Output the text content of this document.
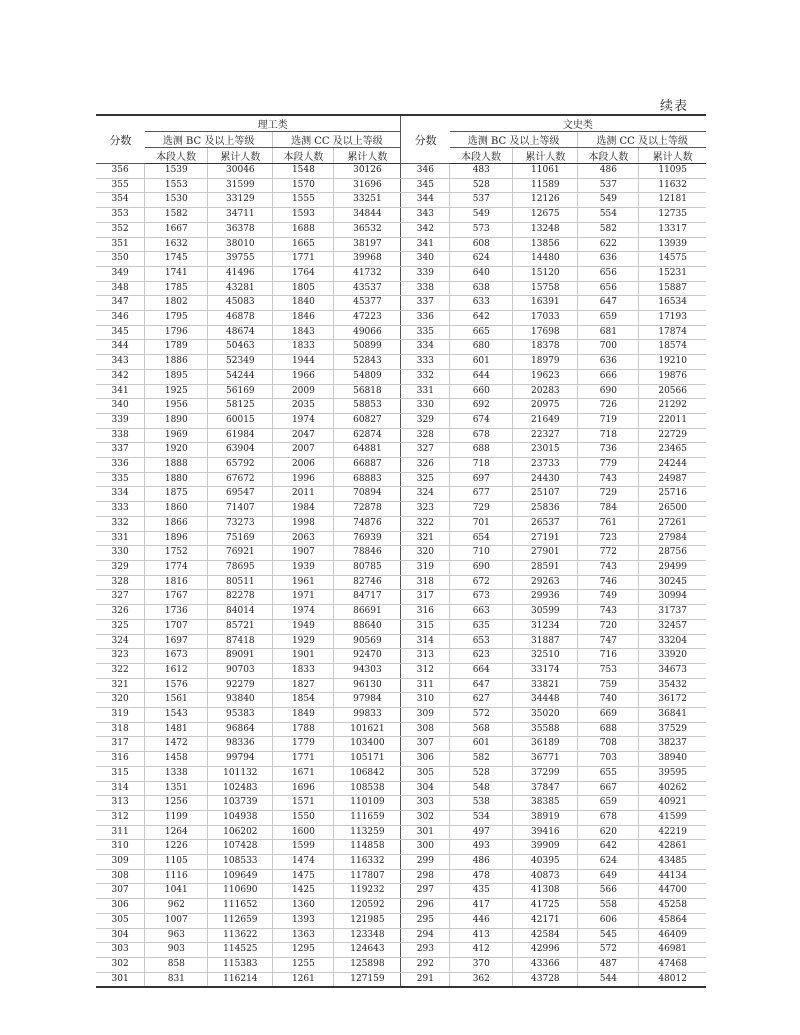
续表
分数	理工类				分数	文史类			
	选测 BC 及以上等级		选测 CC 及以上等级			选测 BC 及以上等级		选测 CC 及以上等级	
	本段人数	累计人数	本段人数	累计人数		本段人数	累计人数	本段人数	累计人数
356	1539	30046	1548	30126	346	483	11061	486	11095
355	1553	31599	1570	31696	345	528	11589	537	11632
354	1530	33129	1555	33251	344	537	12126	549	12181
353	1582	34711	1593	34844	343	549	12675	554	12735
352	1667	36378	1688	36532	342	573	13248	582	13317
351	1632	38010	1665	38197	341	608	13856	622	13939
350	1745	39755	1771	39968	340	624	14480	636	14575
349	1741	41496	1764	41732	339	640	15120	656	15231
348	1785	43281	1805	43537	338	638	15758	656	15887
347	1802	45083	1840	45377	337	633	16391	647	16534
346	1795	46878	1846	47223	336	642	17033	659	17193
345	1796	48674	1843	49066	335	665	17698	681	17874
344	1789	50463	1833	50899	334	680	18378	700	18574
343	1886	52349	1944	52843	333	601	18979	636	19210
342	1895	54244	1966	54809	332	644	19623	666	19876
341	1925	56169	2009	56818	331	660	20283	690	20566
340	1956	58125	2035	58853	330	692	20975	726	21292
339	1890	60015	1974	60827	329	674	21649	719	22011
338	1969	61984	2047	62874	328	678	22327	718	22729
337	1920	63904	2007	64881	327	688	23015	736	23465
336	1888	65792	2006	66887	326	718	23733	779	24244
335	1880	67672	1996	68883	325	697	24430	743	24987
334	1875	69547	2011	70894	324	677	25107	729	25716
333	1860	71407	1984	72878	323	729	25836	784	26500
332	1866	73273	1998	74876	322	701	26537	761	27261
331	1896	75169	2063	76939	321	654	27191	723	27984
330	1752	76921	1907	78846	320	710	27901	772	28756
329	1774	78695	1939	80785	319	690	28591	743	29499
328	1816	80511	1961	82746	318	672	29263	746	30245
327	1767	82278	1971	84717	317	673	29936	749	30994
326	1736	84014	1974	86691	316	663	30599	743	31737
325	1707	85721	1949	88640	315	635	31234	720	32457
324	1697	87418	1929	90569	314	653	31887	747	33204
323	1673	89091	1901	92470	313	623	32510	716	33920
322	1612	90703	1833	94303	312	664	33174	753	34673
321	1576	92279	1827	96130	311	647	33821	759	35432
320	1561	93840	1854	97984	310	627	34448	740	36172
319	1543	95383	1849	99833	309	572	35020	669	36841
318	1481	96864	1788	101621	308	568	35588	688	37529
317	1472	98336	1779	103400	307	601	36189	708	38237
316	1458	99794	1771	105171	306	582	36771	703	38940
315	1338	101132	1671	106842	305	528	37299	655	39595
314	1351	102483	1696	108538	304	548	37847	667	40262
313	1256	103739	1571	110109	303	538	38385	659	40921
312	1199	104938	1550	111659	302	534	38919	678	41599
311	1264	106202	1600	113259	301	497	39416	620	42219
310	1226	107428	1599	114858	300	493	39909	642	42861
309	1105	108533	1474	116332	299	486	40395	624	43485
308	1116	109649	1475	117807	298	478	40873	649	44134
307	1041	110690	1425	119232	297	435	41308	566	44700
306	962	111652	1360	120592	296	417	41725	558	45258
305	1007	112659	1393	121985	295	446	42171	606	45864
304	963	113622	1363	123348	294	413	42584	545	46409
303	903	114525	1295	124643	293	412	42996	572	46981
302	858	115383	1255	125898	292	370	43366	487	47468
301	831	116214	1261	127159	291	362	43728	544	48012
